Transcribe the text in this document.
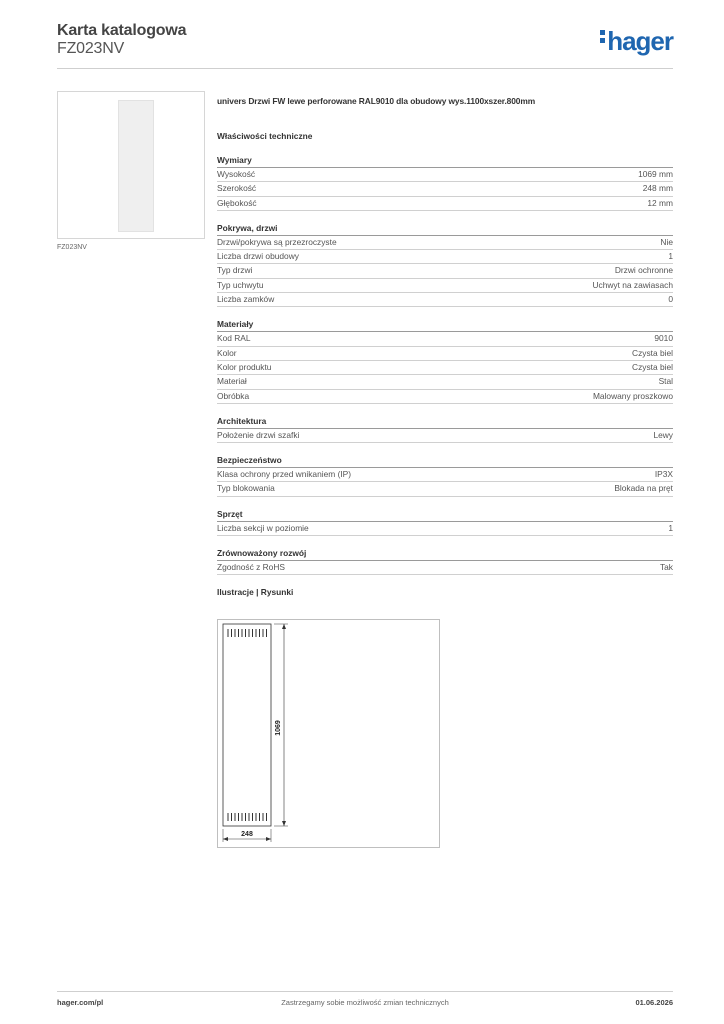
Karta katalogowa
FZ023NV	hager
FZ023NV
univers Drzwi FW lewe perforowane RAL9010 dla obudowy wys.1100xszer.800mm
Właściwości techniczne
Wymiary
Wysokość	1069 mm
Szerokość	248 mm
Głębokość	12 mm
Pokrywa, drzwi
Drzwi/pokrywa są przezroczyste	Nie
Liczba drzwi obudowy	1
Typ drzwi	Drzwi ochronne
Typ uchwytu	Uchwyt na zawiasach
Liczba zamków	0
Materiały
Kod RAL	9010
Kolor	Czysta biel
Kolor produktu	Czysta biel
Materiał	Stal
Obróbka	Malowany proszkowo
Architektura
Położenie drzwi szafki	Lewy
Bezpieczeństwo
Klasa ochrony przed wnikaniem (IP)	IP3X
Typ blokowania	Blokada na pręt
Sprzęt
Liczba sekcji w poziomie	1
Zrównoważony rozwój
Zgodność z RoHS	Tak
Ilustracje | Rysunki
1069
248
hager.com/pl	Zastrzegamy sobie możliwość zmian technicznych	01.06.2026
